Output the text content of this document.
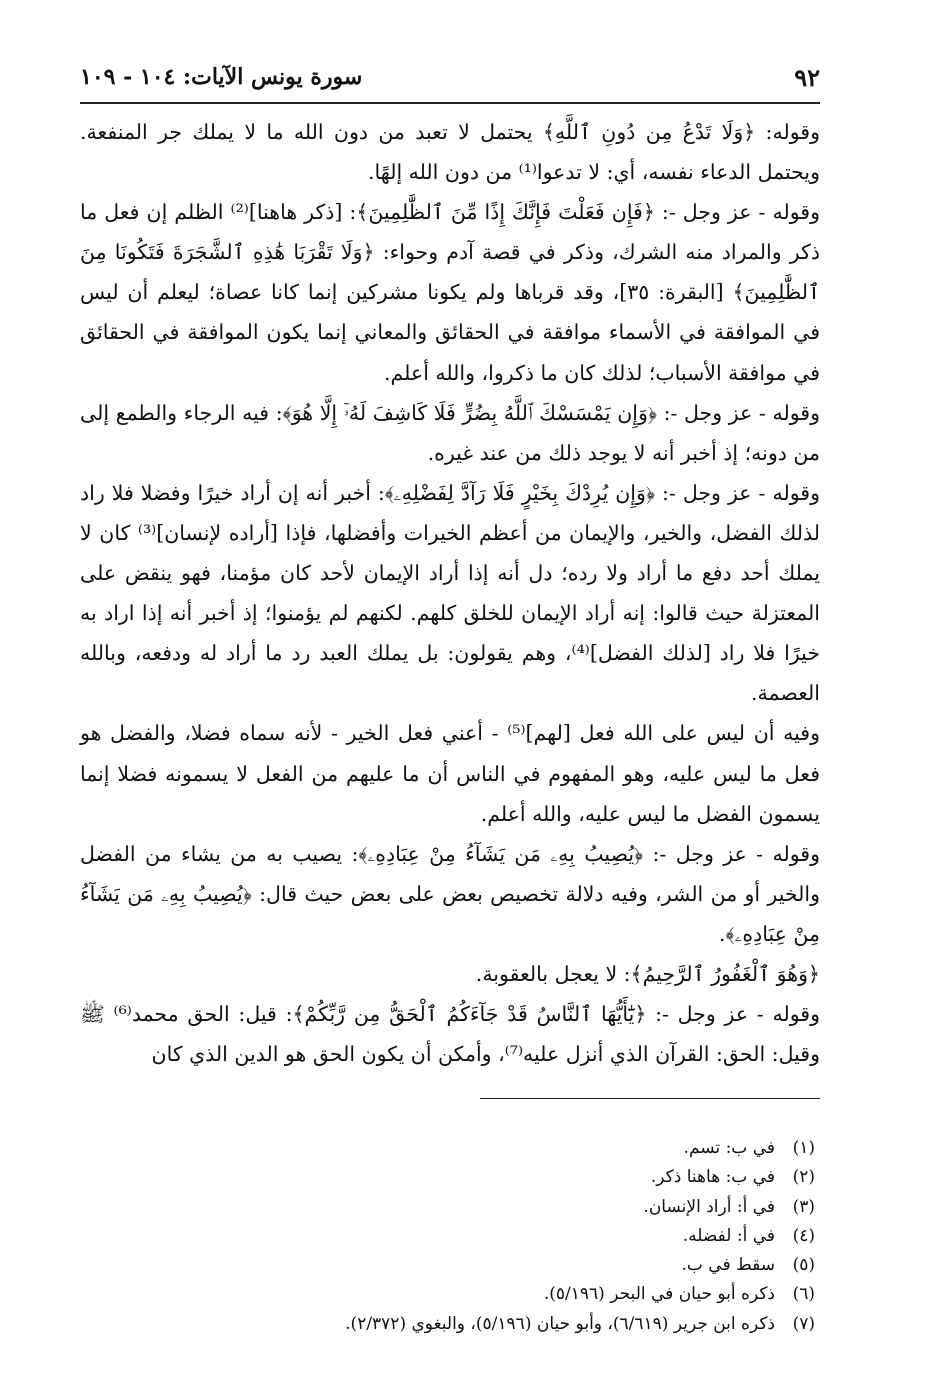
٩٢
سورة يونس الآيات: ١٠٤ - ١٠٩

وقوله: ﴿وَلَا تَدْعُ مِن دُونِ ٱللَّهِ﴾ يحتمل لا تعبد من دون الله ما لا يملك جر المنفعة. ويحتمل الدعاء نفسه، أي: لا تدعوا⁽¹⁾ من دون الله إلهًا.

وقوله - عز وجل -: ﴿فَإِن فَعَلْتَ فَإِنَّكَ إِذًا مِّنَ ٱلظَّٰلِمِينَ﴾: [ذكر هاهنا]⁽²⁾ الظلم إن فعل ما ذكر والمراد منه الشرك، وذكر في قصة آدم وحواء: ﴿وَلَا تَقْرَبَا هَٰذِهِ ٱلشَّجَرَةَ فَتَكُونَا مِنَ ٱلظَّٰلِمِينَ﴾ [البقرة: ٣٥]، وقد قرباها ولم يكونا مشركين إنما كانا عصاة؛ ليعلم أن ليس في الموافقة في الأسماء موافقة في الحقائق والمعاني إنما يكون الموافقة في الحقائق في موافقة الأسباب؛ لذلك كان ما ذكروا، والله أعلم.

وقوله - عز وجل -: ﴿وَإِن يَمْسَسْكَ ٱللَّهُ بِضُرٍّ فَلَا كَاشِفَ لَهُۥٓ إِلَّا هُوَ﴾: فيه الرجاء والطمع إلى من دونه؛ إذ أخبر أنه لا يوجد ذلك من عند غيره.

وقوله - عز وجل -: ﴿وَإِن يُرِدْكَ بِخَيْرٍ فَلَا رَآدَّ لِفَضْلِهِۦ﴾: أخبر أنه إن أراد خيرًا وفضلا فلا راد لذلك الفضل، والخير، والإيمان من أعظم الخيرات وأفضلها، فإذا [أراده لإنسان]⁽³⁾ كان لا يملك أحد دفع ما أراد ولا رده؛ دل أنه إذا أراد الإيمان لأحد كان مؤمنا، فهو ينقض على المعتزلة حيث قالوا: إنه أراد الإيمان للخلق كلهم. لكنهم لم يؤمنوا؛ إذ أخبر أنه إذا اراد به خيرًا فلا راد [لذلك الفضل]⁽⁴⁾، وهم يقولون: بل يملك العبد رد ما أراد له ودفعه، وبالله العصمة.

وفيه أن ليس على الله فعل [لهم]⁽⁵⁾ - أعني فعل الخير - لأنه سماه فضلا، والفضل هو فعل ما ليس عليه، وهو المفهوم في الناس أن ما عليهم من الفعل لا يسمونه فضلا إنما يسمون الفضل ما ليس عليه، والله أعلم.

وقوله - عز وجل -: ﴿يُصِيبُ بِهِۦ مَن يَشَآءُ مِنْ عِبَادِهِۦ﴾: يصيب به من يشاء من الفضل والخير أو من الشر، وفيه دلالة تخصيص بعض على بعض حيث قال: ﴿يُصِيبُ بِهِۦ مَن يَشَآءُ مِنْ عِبَادِهِۦ﴾.

﴿وَهُوَ ٱلْغَفُورُ ٱلرَّحِيمُ﴾: لا يعجل بالعقوبة.

وقوله - عز وجل -: ﴿يَٰٓأَيُّهَا ٱلنَّاسُ قَدْ جَآءَكُمُ ٱلْحَقُّ مِن رَّبِّكُمْ﴾: قيل: الحق محمد⁽⁶⁾ ﷺ وقيل: الحق: القرآن الذي أنزل عليه⁽⁷⁾، وأمكن أن يكون الحق هو الدين الذي كان

(١)في ب: تسم.
(٢)في ب: هاهنا ذكر.
(٣)في أ: أراد الإنسان.
(٤)في أ: لفضله.
(٥)سقط في ب.
(٦)ذكره أبو حيان في البحر (٥/١٩٦).
(٧)ذكره ابن جرير (٦/٦١٩)، وأبو حيان (٥/١٩٦)، والبغوي (٢/٣٧٢).
